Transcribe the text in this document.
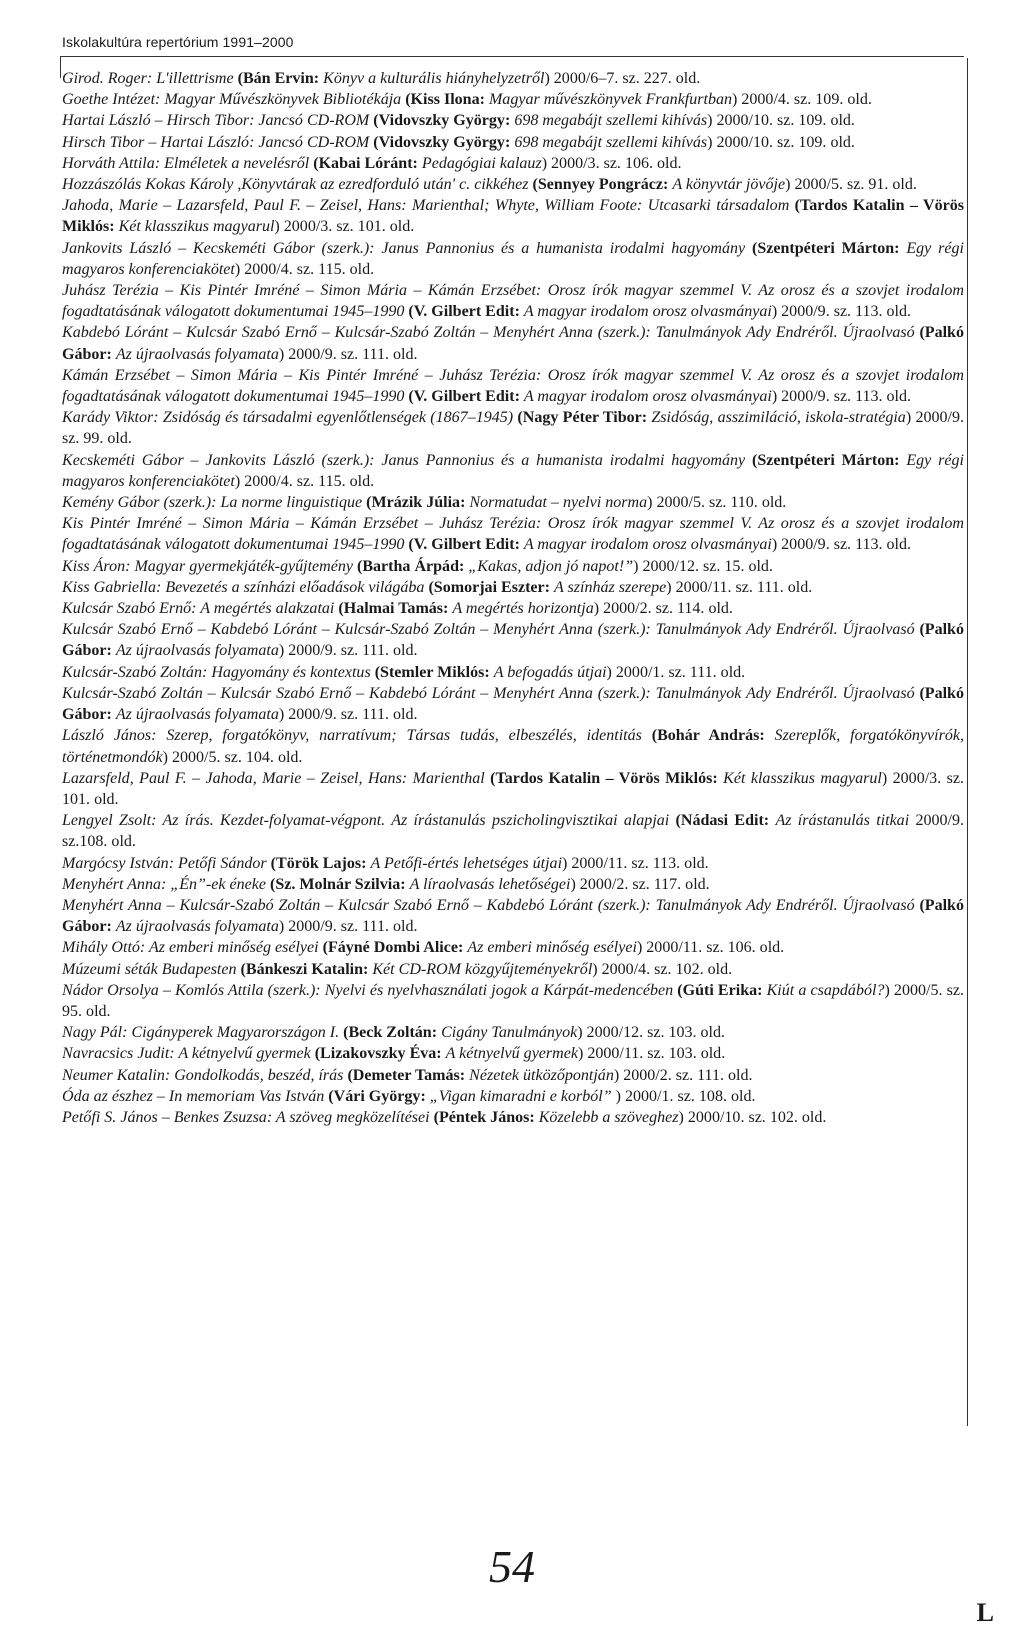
Iskolakultúra repertórium 1991–2000

Girod. Roger: L'illettrisme (Bán Ervin: Könyv a kulturális hiányhelyzetről) 2000/6–7. sz. 227. old.

Goethe Intézet: Magyar Művészkönyvek Bibliotékája (Kiss Ilona: Magyar művészkönyvek Frankfurtban) 2000/4. sz. 109. old.

Hartai László – Hirsch Tibor: Jancsó CD-ROM (Vidovszky György: 698 megabájt szellemi kihívás) 2000/10. sz. 109. old.

Hirsch Tibor – Hartai László: Jancsó CD-ROM (Vidovszky György: 698 megabájt szellemi kihívás) 2000/10. sz. 109. old.

Horváth Attila: Elméletek a nevelésről (Kabai Lóránt: Pedagógiai kalauz) 2000/3. sz. 106. old.

Hozzászólás Kokas Károly ,Könyvtárak az ezredforduló után' c. cikkéhez (Sennyey Pongrácz: A könyvtár jövője) 2000/5. sz. 91. old.

Jahoda, Marie – Lazarsfeld, Paul F. – Zeisel, Hans: Marienthal; Whyte, William Foote: Utcasarki társadalom (Tardos Katalin – Vörös Miklós: Két klasszikus magyarul) 2000/3. sz. 101. old.

Jankovits László – Kecskeméti Gábor (szerk.): Janus Pannonius és a humanista irodalmi hagyomány (Szentpéteri Márton: Egy régi magyaros konferenciakötet) 2000/4. sz. 115. old.

Juhász Terézia – Kis Pintér Imréné – Simon Mária – Kámán Erzsébet: Orosz írók magyar szemmel V. Az orosz és a szovjet irodalom fogadtatásának válogatott dokumentumai 1945–1990 (V. Gilbert Edit: A magyar irodalom orosz olvasmányai) 2000/9. sz. 113. old.

Kabdebó Lóránt – Kulcsár Szabó Ernő – Kulcsár-Szabó Zoltán – Menyhért Anna (szerk.): Tanulmányok Ady Endréről. Újraolvasó (Palkó Gábor: Az újraolvasás folyamata) 2000/9. sz. 111. old.

Kámán Erzsébet – Simon Mária – Kis Pintér Imréné – Juhász Terézia: Orosz írók magyar szemmel V. Az orosz és a szovjet irodalom fogadtatásának válogatott dokumentumai 1945–1990 (V. Gilbert Edit: A magyar irodalom orosz olvasmányai) 2000/9. sz. 113. old.

Karády Viktor: Zsidóság és társadalmi egyenlőtlenségek (1867–1945) (Nagy Péter Tibor: Zsidóság, asszimiláció, iskola-stratégia) 2000/9. sz. 99. old.

Kecskeméti Gábor – Jankovits László (szerk.): Janus Pannonius és a humanista irodalmi hagyomány (Szentpéteri Márton: Egy régi magyaros konferenciakötet) 2000/4. sz. 115. old.

Kemény Gábor (szerk.): La norme linguistique (Mrázik Júlia: Normatudat – nyelvi norma) 2000/5. sz. 110. old.

Kis Pintér Imréné – Simon Mária – Kámán Erzsébet – Juhász Terézia: Orosz írók magyar szemmel V. Az orosz és a szovjet irodalom fogadtatásának válogatott dokumentumai 1945–1990 (V. Gilbert Edit: A magyar irodalom orosz olvasmányai) 2000/9. sz. 113. old.

Kiss Áron: Magyar gyermekjáték-gyűjtemény (Bartha Árpád: „Kakas, adjon jó napot!”) 2000/12. sz. 15. old.

Kiss Gabriella: Bevezetés a színházi előadások világába (Somorjai Eszter: A színház szerepe) 2000/11. sz. 111. old.

Kulcsár Szabó Ernő: A megértés alakzatai (Halmai Tamás: A megértés horizontja) 2000/2. sz. 114. old.

Kulcsár Szabó Ernő – Kabdebó Lóránt – Kulcsár-Szabó Zoltán – Menyhért Anna (szerk.): Tanulmányok Ady Endréről. Újraolvasó (Palkó Gábor: Az újraolvasás folyamata) 2000/9. sz. 111. old.

Kulcsár-Szabó Zoltán: Hagyomány és kontextus (Stemler Miklós: A befogadás útjai) 2000/1. sz. 111. old.

Kulcsár-Szabó Zoltán – Kulcsár Szabó Ernő – Kabdebó Lóránt – Menyhért Anna (szerk.): Tanulmányok Ady Endréről. Újraolvasó (Palkó Gábor: Az újraolvasás folyamata) 2000/9. sz. 111. old.

László János: Szerep, forgatókönyv, narratívum; Társas tudás, elbeszélés, identitás (Bohár András: Szereplők, forgatókönyvírók, történetmondók) 2000/5. sz. 104. old.

Lazarsfeld, Paul F. – Jahoda, Marie – Zeisel, Hans: Marienthal (Tardos Katalin – Vörös Miklós: Két klasszikus magyarul) 2000/3. sz. 101. old.

Lengyel Zsolt: Az írás. Kezdet-folyamat-végpont. Az írástanulás pszicholingvisztikai alapjai (Nádasi Edit: Az írástanulás titkai 2000/9. sz.108. old.

Margócsy István: Petőfi Sándor (Török Lajos: A Petőfi-értés lehetséges útjai) 2000/11. sz. 113. old.

Menyhért Anna: „Én”-ek éneke (Sz. Molnár Szilvia: A líraolvasás lehetőségei) 2000/2. sz. 117. old.

Menyhért Anna – Kulcsár-Szabó Zoltán – Kulcsár Szabó Ernő – Kabdebó Lóránt (szerk.): Tanulmányok Ady Endréről. Újraolvasó (Palkó Gábor: Az újraolvasás folyamata) 2000/9. sz. 111. old.

Mihály Ottó: Az emberi minőség esélyei (Fáyné Dombi Alice: Az emberi minőség esélyei) 2000/11. sz. 106. old.

Múzeumi séták Budapesten (Bánkeszi Katalin: Két CD-ROM közgyűjteményekről) 2000/4. sz. 102. old.

Nádor Orsolya – Komlós Attila (szerk.): Nyelvi és nyelvhasználati jogok a Kárpát-medencében (Gúti Erika: Kiút a csapdából?) 2000/5. sz. 95. old.

Nagy Pál: Cigányperek Magyarországon I. (Beck Zoltán: Cigány Tanulmányok) 2000/12. sz. 103. old.

Navracsics Judit: A kétnyelvű gyermek (Lizakovszky Éva: A kétnyelvű gyermek) 2000/11. sz. 103. old.

Neumer Katalin: Gondolkodás, beszéd, írás (Demeter Tamás: Nézetek ütközőpontján) 2000/2. sz. 111. old.

Óda az észhez – In memoriam Vas István (Vári György: „Vigan kimaradni e korból” ) 2000/1. sz. 108. old.

Petőfi S. János – Benkes Zsuzsa: A szöveg megközelítései (Péntek János: Közelebb a szöveghez) 2000/10. sz. 102. old.

54
L
